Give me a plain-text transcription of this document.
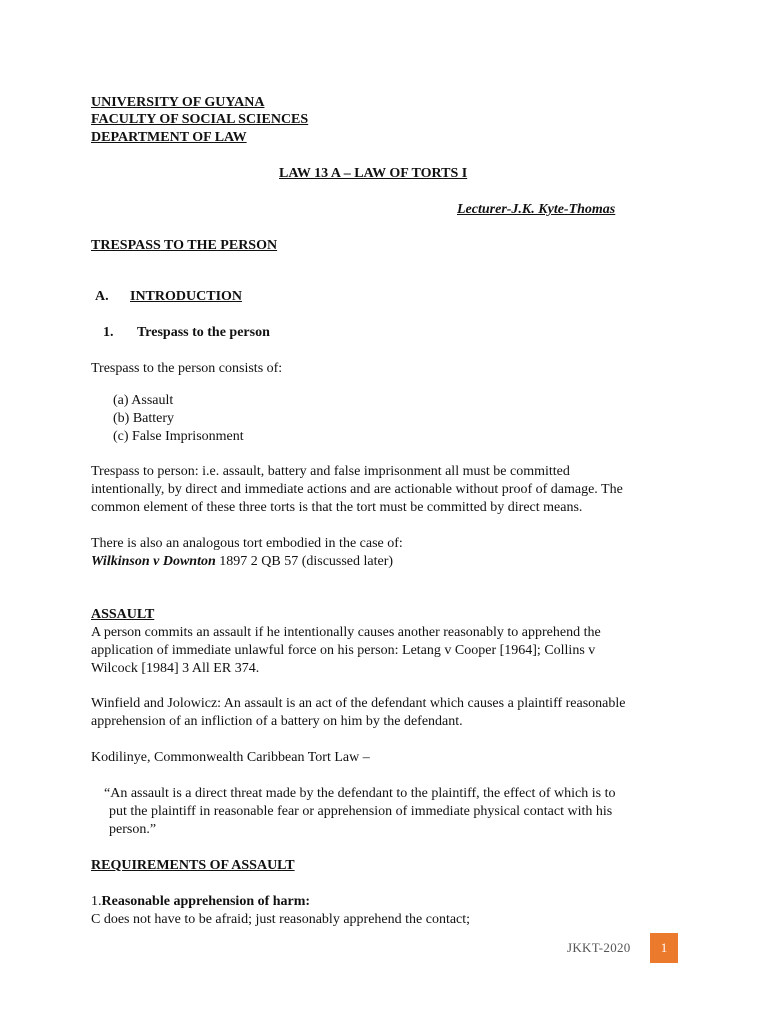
UNIVERSITY OF GUYANA
FACULTY OF SOCIAL SCIENCES
DEPARTMENT OF LAW
LAW 13 A – LAW OF TORTS I
Lecturer-J.K. Kyte-Thomas
TRESPASS TO THE PERSON
A. INTRODUCTION
1. Trespass to the person
Trespass to the person consists of:
(a) Assault
(b) Battery
(c) False Imprisonment
Trespass to person: i.e. assault, battery and false imprisonment all must be committed
intentionally, by direct and immediate actions and are actionable without proof of damage. The
common element of these three torts is that the tort must be committed by direct means.
There is also an analogous tort embodied in the case of:
Wilkinson v Downton 1897 2 QB 57 (discussed later)
ASSAULT
A person commits an assault if he intentionally causes another reasonably to apprehend the
application of immediate unlawful force on his person: Letang v Cooper [1964]; Collins v
Wilcock [1984] 3 All ER 374.
Winfield and Jolowicz: An assault is an act of the defendant which causes a plaintiff reasonable
apprehension of an infliction of a battery on him by the defendant.
Kodilinye, Commonwealth Caribbean Tort Law –
“An assault is a direct threat made by the defendant to the plaintiff, the effect of which is to
put the plaintiff in reasonable fear or apprehension of immediate physical contact with his
person.”
REQUIREMENTS OF ASSAULT
1.Reasonable apprehension of harm:
C does not have to be afraid; just reasonably apprehend the contact;
JKKT-2020	1
